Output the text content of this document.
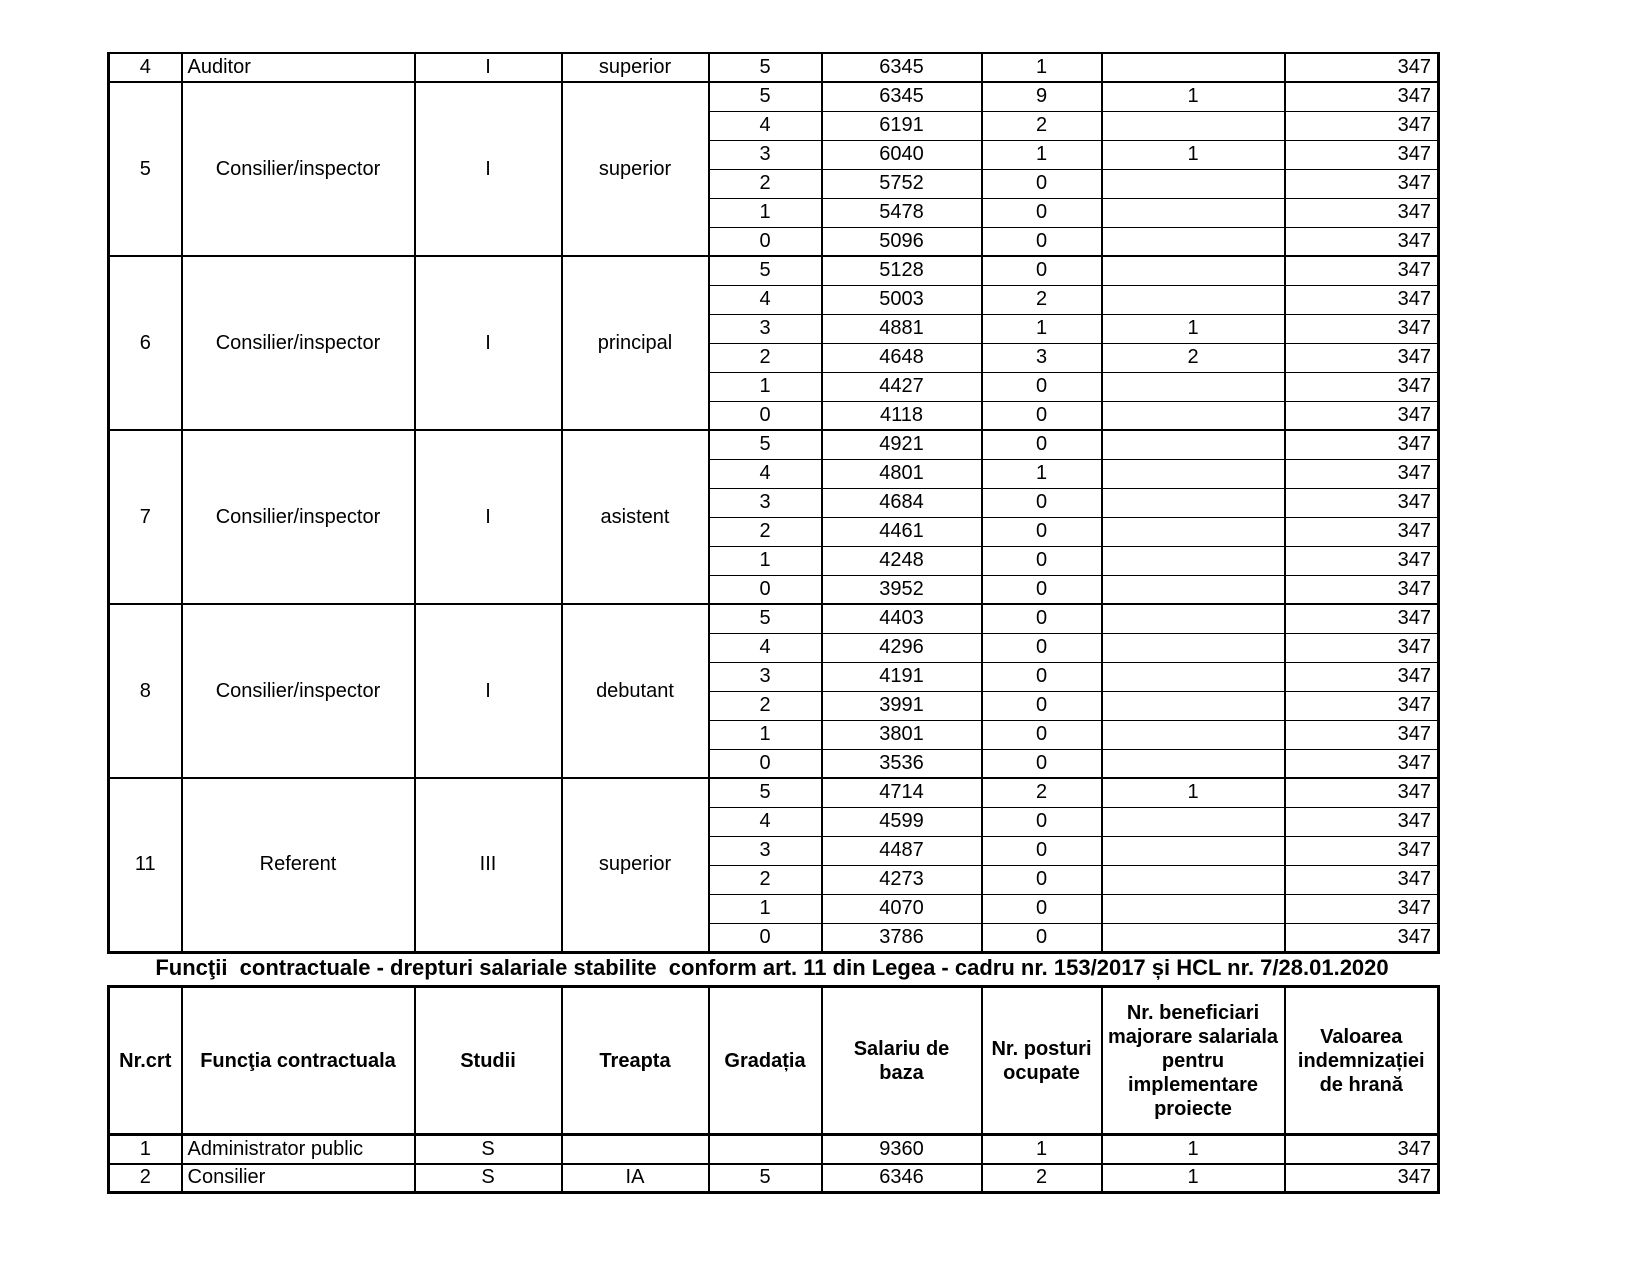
4	Auditor	I	superior	5	6345	1		347
5	Consilier/inspector	I	superior	5	6345	9	1	347
				4	6191	2		347
				3	6040	1	1	347
				2	5752	0		347
				1	5478	0		347
				0	5096	0		347
6	Consilier/inspector	I	principal	5	5128	0		347
				4	5003	2		347
				3	4881	1	1	347
				2	4648	3	2	347
				1	4427	0		347
				0	4118	0		347
7	Consilier/inspector	I	asistent	5	4921	0		347
				4	4801	1		347
				3	4684	0		347
				2	4461	0		347
				1	4248	0		347
				0	3952	0		347
8	Consilier/inspector	I	debutant	5	4403	0		347
				4	4296	0		347
				3	4191	0		347
				2	3991	0		347
				1	3801	0		347
				0	3536	0		347
11	Referent	III	superior	5	4714	2	1	347
				4	4599	0		347
				3	4487	0		347
				2	4273	0		347
				1	4070	0		347
				0	3786	0		347
Funcţii  contractuale - drepturi salariale stabilite  conform art. 11 din Legea - cadru nr. 153/2017 și HCL nr. 7/28.01.2020
Nr.crt	Funcţia contractuala	Studii	Treapta	Gradația	Salariu de baza	Nr. posturi ocupate	Nr. beneficiari majorare salariala pentru implementare proiecte	Valoarea indemnizației de hrană
1	Administrator public	S			9360	1	1	347
2	Consilier	S	IA	5	6346	2	1	347
